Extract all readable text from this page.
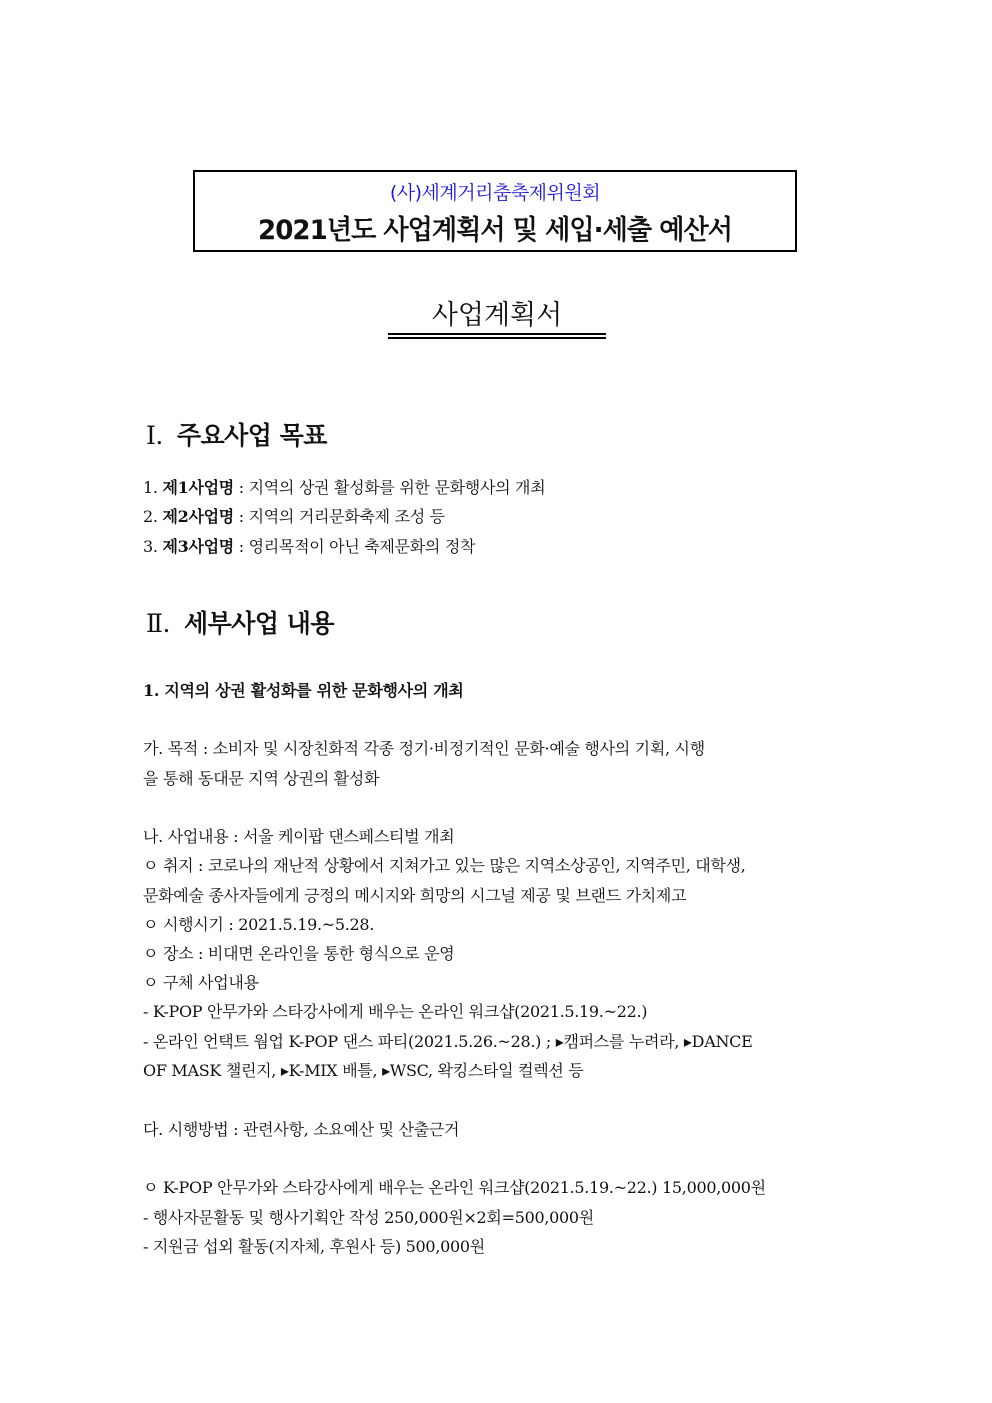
(사)세계거리춤축제위원회
2021년도 사업계획서 및 세입·세출 예산서
사업계획서
Ⅰ. 주요사업 목표
1. 제1사업명 : 지역의 상권 활성화를 위한 문화행사의 개최
2. 제2사업명 : 지역의 거리문화축제 조성 등
3. 제3사업명 : 영리목적이 아닌 축제문화의 정착
Ⅱ. 세부사업 내용
1. 지역의 상권 활성화를 위한 문화행사의 개최
가. 목적 : 소비자 및 시장친화적 각종 정기·비정기적인 문화·예술 행사의 기획, 시행
을 통해 동대문 지역 상권의 활성화
나. 사업내용 : 서울 케이팝 댄스페스티벌 개최
ㅇ 취지 : 코로나의 재난적 상황에서 지쳐가고 있는 많은 지역소상공인, 지역주민, 대학생,
문화예술 종사자들에게 긍정의 메시지와 희망의 시그널 제공 및 브랜드 가치제고
ㅇ 시행시기 : 2021.5.19.~5.28.
ㅇ 장소 : 비대면 온라인을 통한 형식으로 운영
ㅇ 구체 사업내용
- K-POP 안무가와 스타강사에게 배우는 온라인 워크샵(2021.5.19.~22.)
- 온라인 언택트 웜업 K-POP 댄스 파티(2021.5.26.~28.) ; ▸캠퍼스를 누려라, ▸DANCE
OF MASK 챌린지, ▸K-MIX 배틀, ▸WSC, 왁킹스타일 컬렉션 등
다. 시행방법 : 관련사항, 소요예산 및 산출근거
ㅇ K-POP 안무가와 스타강사에게 배우는 온라인 워크샵(2021.5.19.~22.) 15,000,000원
- 행사자문활동 및 행사기획안 작성 250,000원×2회=500,000원
- 지원금 섭외 활동(지자체, 후원사 등) 500,000원
